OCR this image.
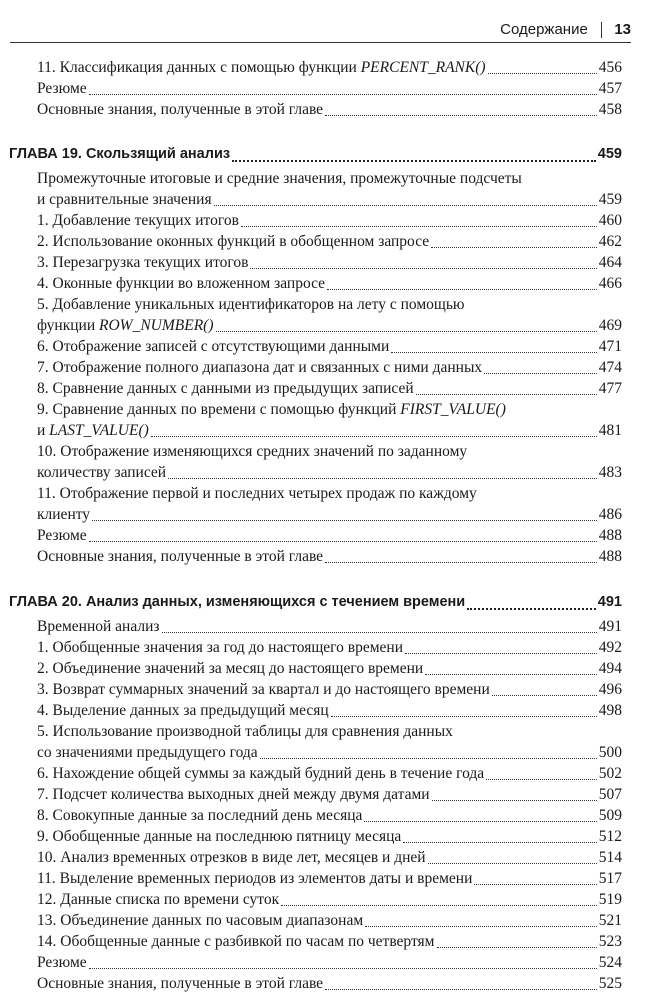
Содержание 13
11. Классификация данных с помощью функции PERCENT_RANK()	456
Резюме	457
Основные знания, полученные в этой главе	458
ГЛАВА 19. Скользящий анализ	459
Промежуточные итоговые и средние значения, промежуточные подсчеты
и сравнительные значения	459
1. Добавление текущих итогов	460
2. Использование оконных функций в обобщенном запросе	462
3. Перезагрузка текущих итогов	464
4. Оконные функции во вложенном запросе	466
5. Добавление уникальных идентификаторов на лету с помощью
функции ROW_NUMBER()	469
6. Отображение записей с отсутствующими данными	471
7. Отображение полного диапазона дат и связанных с ними данных	474
8. Сравнение данных с данными из предыдущих записей	477
9. Сравнение данных по времени с помощью функций FIRST_VALUE()
и LAST_VALUE()	481
10. Отображение изменяющихся средних значений по заданному
количеству записей	483
11. Отображение первой и последних четырех продаж по каждому
клиенту	486
Резюме	488
Основные знания, полученные в этой главе	488
ГЛАВА 20. Анализ данных, изменяющихся с течением времени	491
Временной анализ	491
1. Обобщенные значения за год до настоящего времени	492
2. Объединение значений за месяц до настоящего времени	494
3. Возврат суммарных значений за квартал и до настоящего времени	496
4. Выделение данных за предыдущий месяц	498
5. Использование производной таблицы для сравнения данных
со значениями предыдущего года	500
6. Нахождение общей суммы за каждый будний день в течение года	502
7. Подсчет количества выходных дней между двумя датами	507
8. Совокупные данные за последний день месяца	509
9. Обобщенные данные на последнюю пятницу месяца	512
10. Анализ временных отрезков в виде лет, месяцев и дней	514
11. Выделение временных периодов из элементов даты и времени	517
12. Данные списка по времени суток	519
13. Объединение данных по часовым диапазонам	521
14. Обобщенные данные с разбивкой по часам по четвертям	523
Резюме	524
Основные знания, полученные в этой главе	525
